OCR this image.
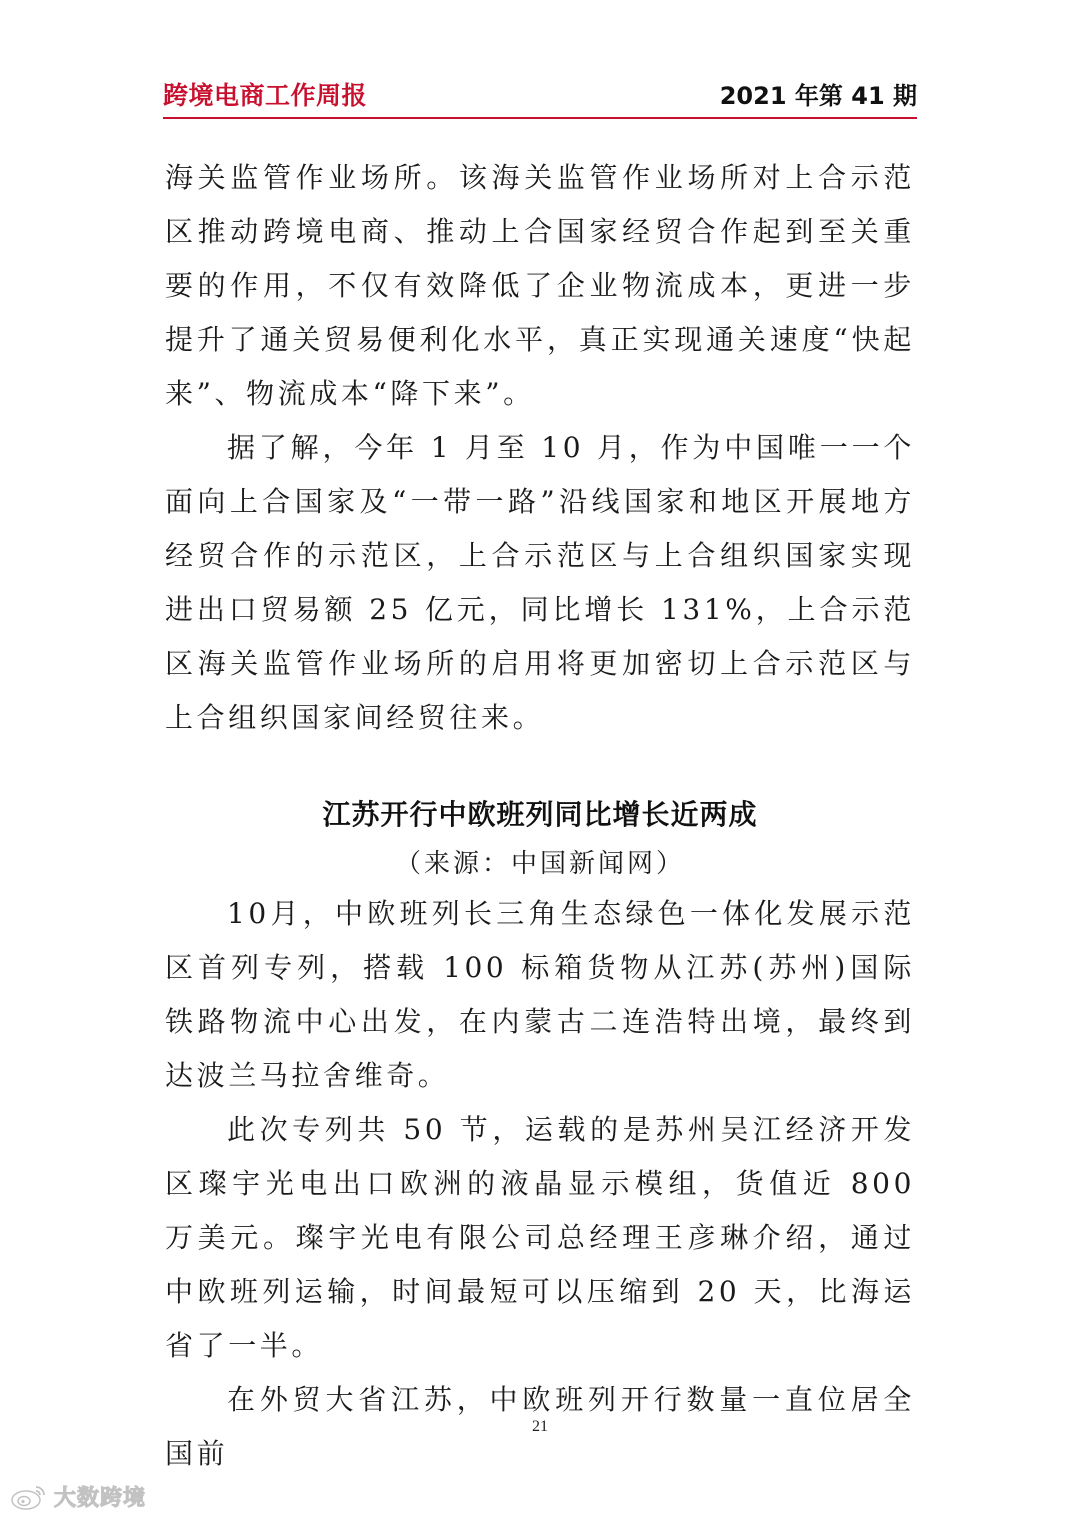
跨境电商工作周报	2021 年第 41 期

海关监管作业场所。该海关监管作业场所对上合示范区推动跨境电商、推动上合国家经贸合作起到至关重要的作用，不仅有效降低了企业物流成本，更进一步提升了通关贸易便利化水平，真正实现通关速度“快起来”、物流成本“降下来”。

据了解，今年 1 月至 10 月，作为中国唯一一个面向上合国家及“一带一路”沿线国家和地区开展地方经贸合作的示范区，上合示范区与上合组织国家实现进出口贸易额 25 亿元，同比增长 131%，上合示范区海关监管作业场所的启用将更加密切上合示范区与上合组织国家间经贸往来。

江苏开行中欧班列同比增长近两成

（来源：中国新闻网）

10月，中欧班列长三角生态绿色一体化发展示范区首列专列，搭载 100 标箱货物从江苏(苏州)国际铁路物流中心出发，在内蒙古二连浩特出境，最终到达波兰马拉舍维奇。

此次专列共 50 节，运载的是苏州吴江经济开发区璨宇光电出口欧洲的液晶显示模组，货值近 800 万美元。璨宇光电有限公司总经理王彦琳介绍，通过中欧班列运输，时间最短可以压缩到 20 天，比海运省了一半。

在外贸大省江苏，中欧班列开行数量一直位居全国前

21
大数跨境
